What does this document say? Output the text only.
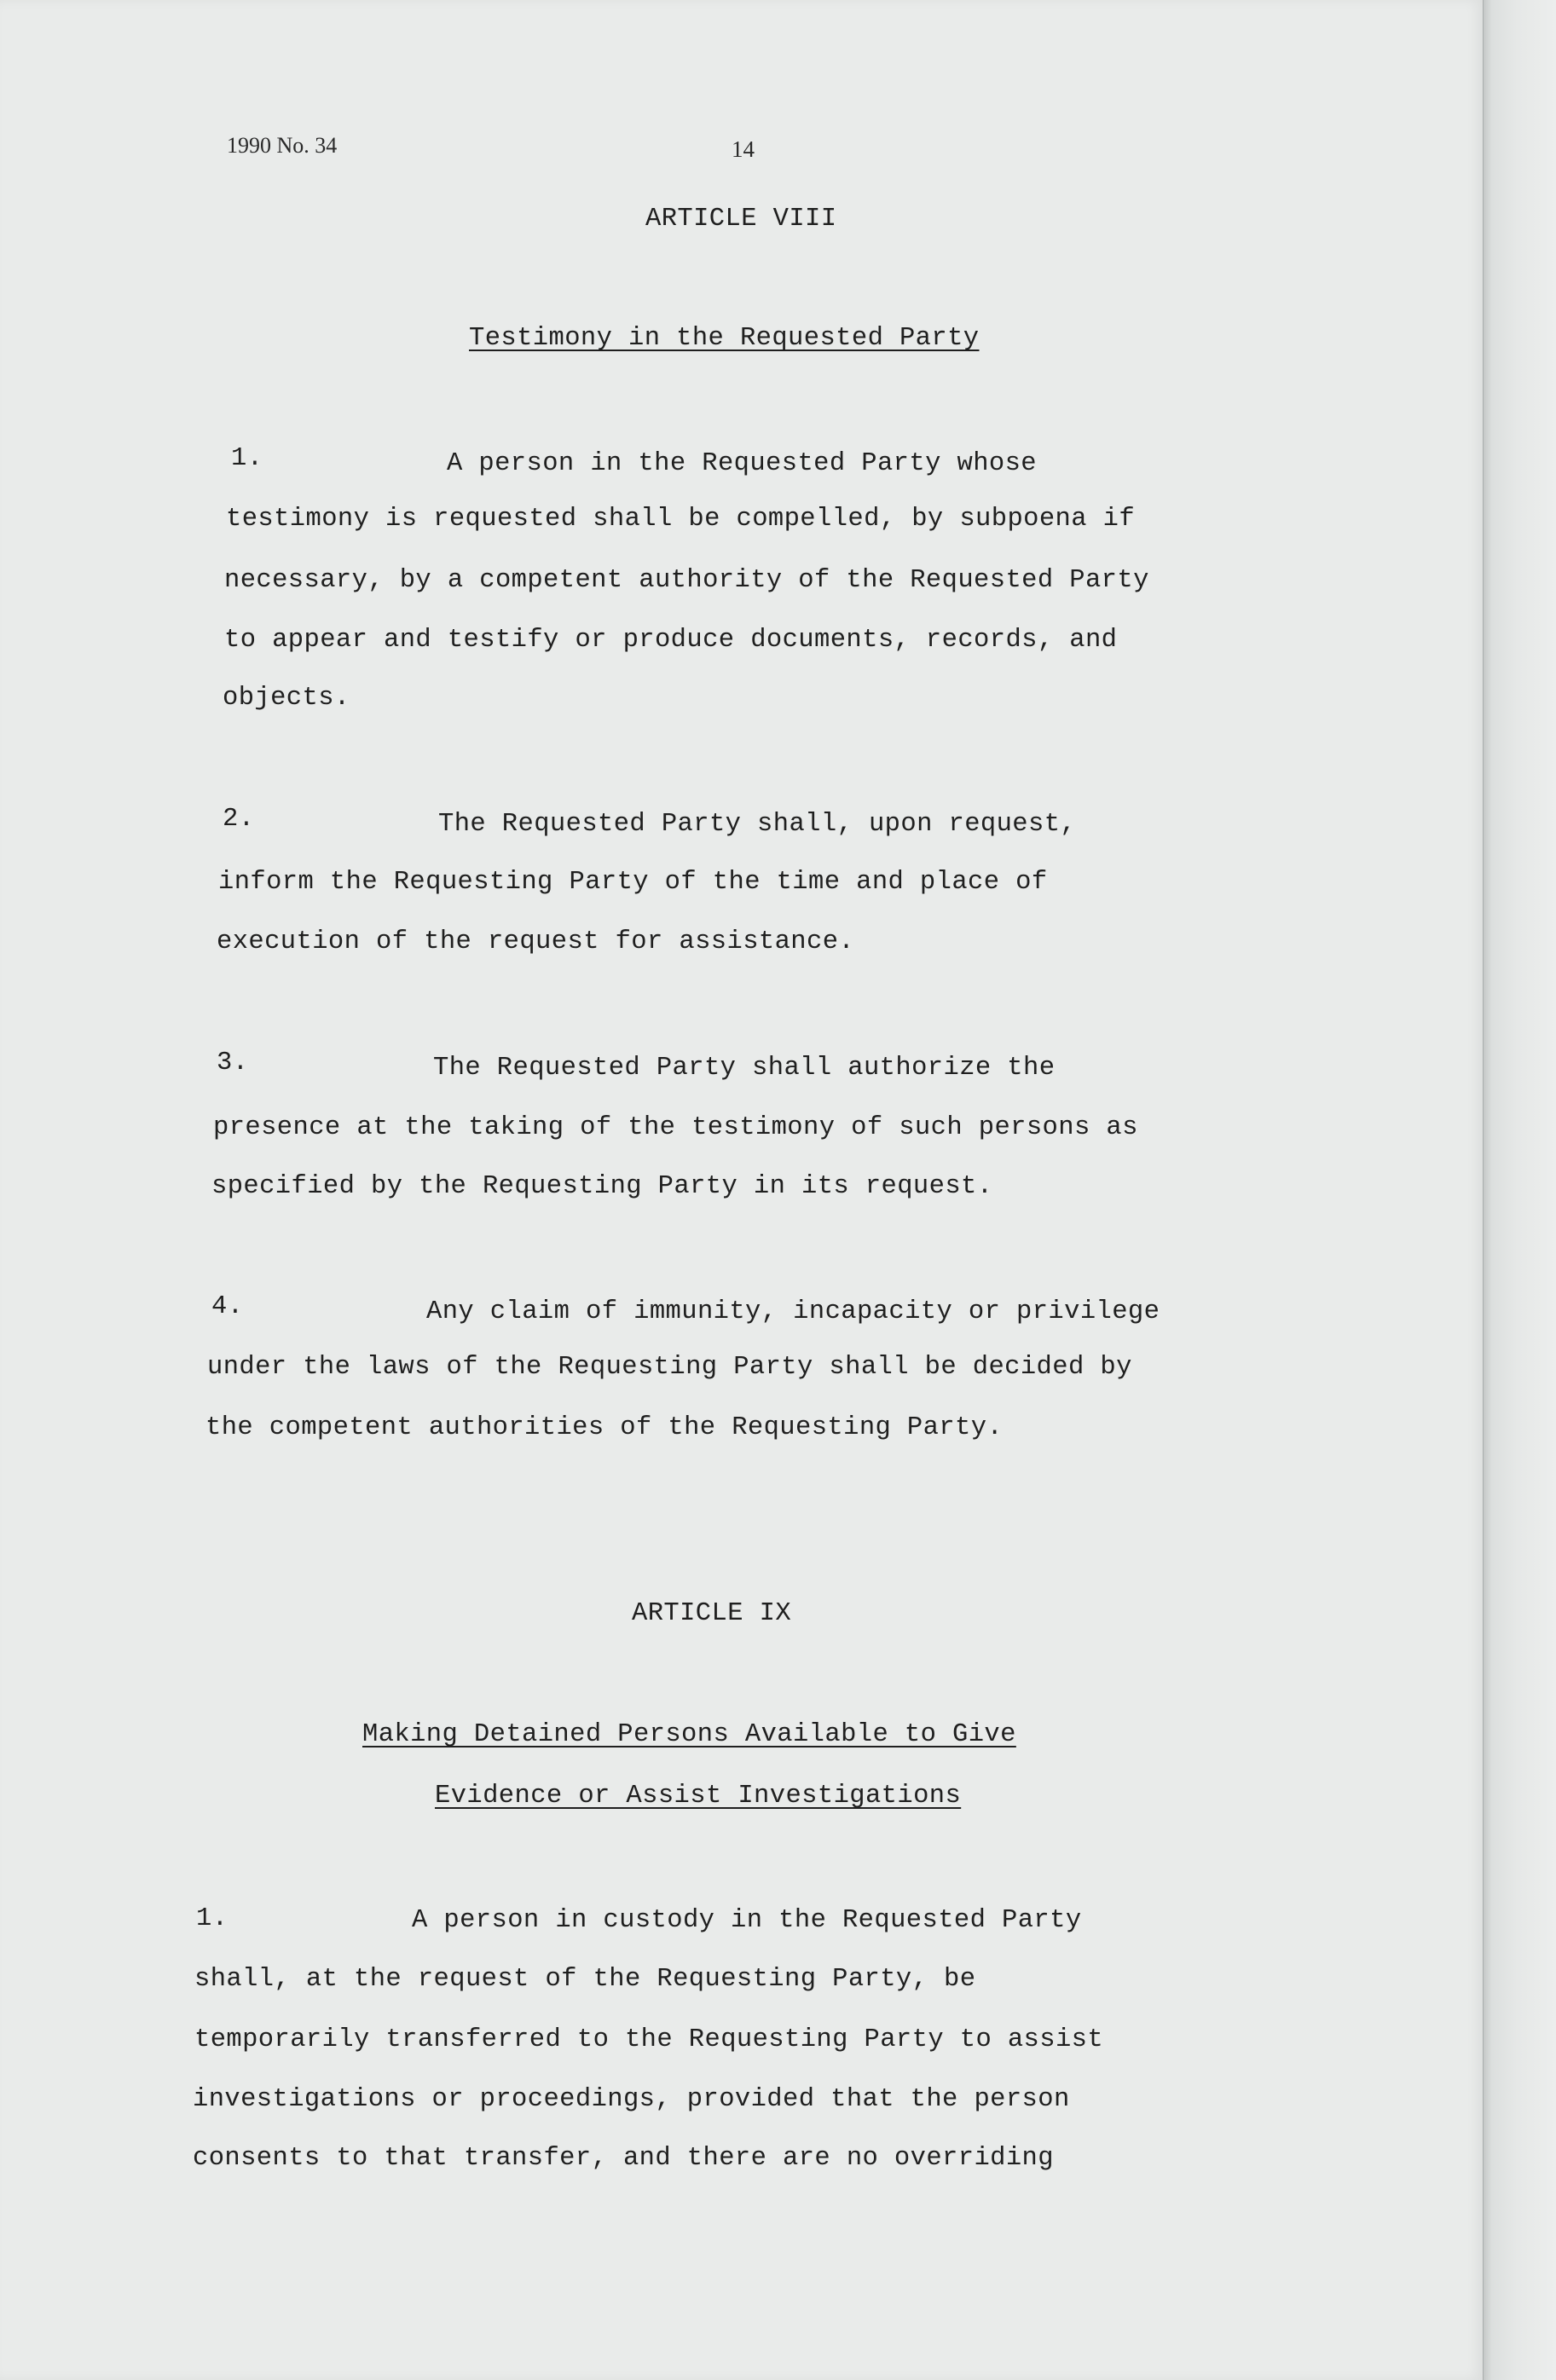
1990 No. 34	14
ARTICLE VIII
Testimony in the Requested Party
1.	A person in the Requested Party whose
testimony is requested shall be compelled, by subpoena if
necessary, by a competent authority of the Requested Party
to appear and testify or produce documents, records, and
objects.
2.	The Requested Party shall, upon request,
inform the Requesting Party of the time and place of
execution of the request for assistance.
3.	The Requested Party shall authorize the
presence at the taking of the testimony of such persons as
specified by the Requesting Party in its request.
4.	Any claim of immunity, incapacity or privilege
under the laws of the Requesting Party shall be decided by
the competent authorities of the Requesting Party.
ARTICLE IX
Making Detained Persons Available to Give
Evidence or Assist Investigations
1.	A person in custody in the Requested Party
shall, at the request of the Requesting Party, be
temporarily transferred to the Requesting Party to assist
investigations or proceedings, provided that the person
consents to that transfer, and there are no overriding
